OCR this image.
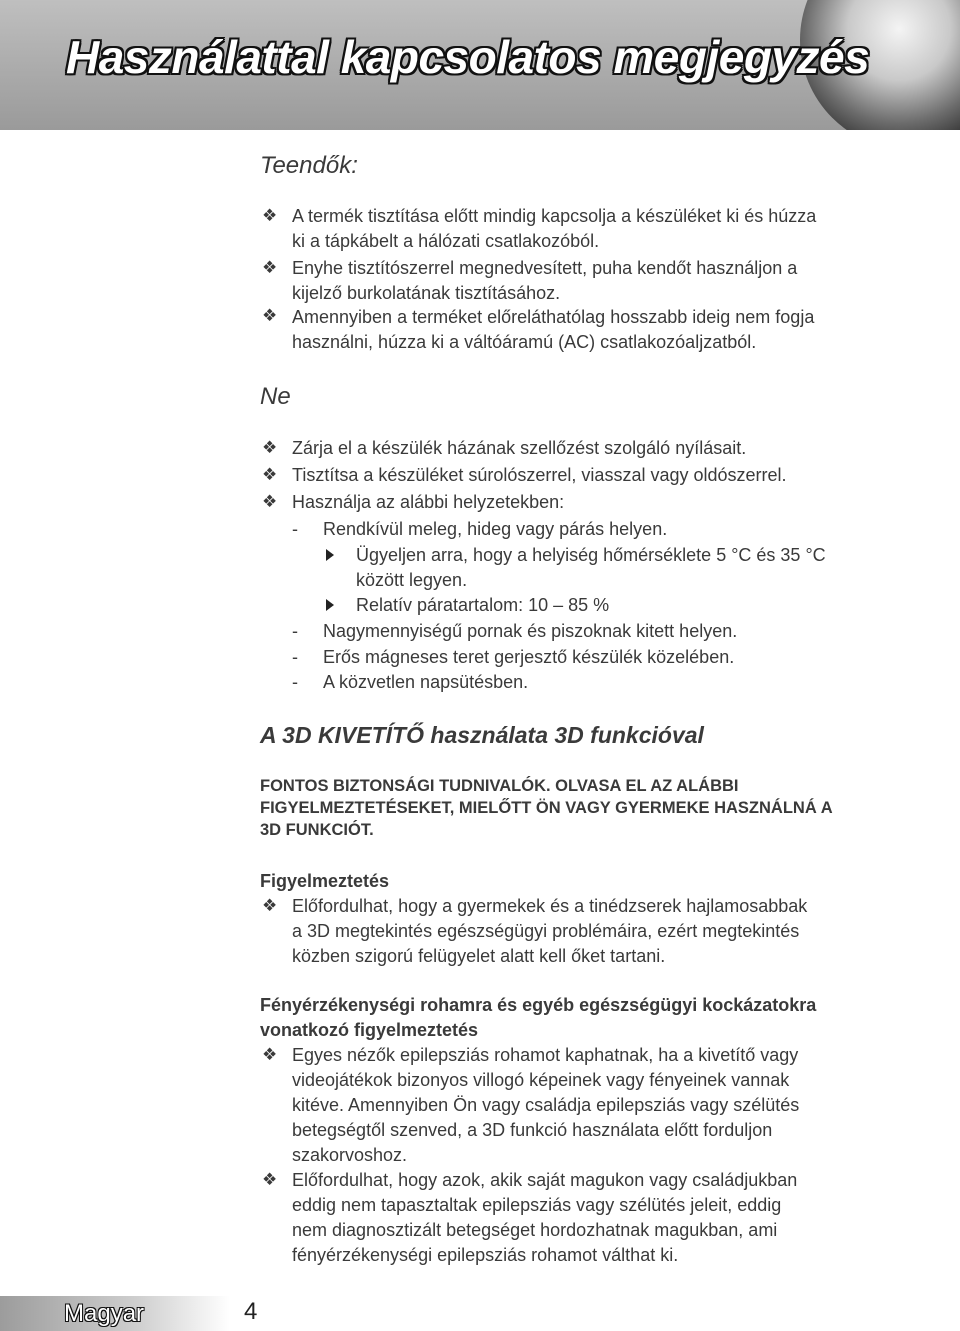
Használattal kapcsolatos megjegyzés
Teendők:
❖ A termék tisztítása előtt mindig kapcsolja a készüléket ki és húzza
ki a tápkábelt a hálózati csatlakozóból.
❖ Enyhe tisztítószerrel megnedvesített, puha kendőt használjon a
kijelző burkolatának tisztításához.
❖ Amennyiben a terméket előreláthatólag hosszabb ideig nem fogja
használni, húzza ki a váltóáramú (AC) csatlakozóaljzatból.
Ne
❖ Zárja el a készülék házának szellőzést szolgáló nyílásait.
❖ Tisztítsa a készüléket súrolószerrel, viasszal vagy oldószerrel.
❖ Használja az alábbi helyzetekben:
- Rendkívül meleg, hideg vagy párás helyen.
Ügyeljen arra, hogy a helyiség hőmérséklete 5 °C és 35 °C
között legyen.
Relatív páratartalom: 10 – 85 %
- Nagymennyiségű pornak és piszoknak kitett helyen.
- Erős mágneses teret gerjesztő készülék közelében.
- A közvetlen napsütésben.
A 3D KIVETÍTŐ használata 3D funkcióval
FONTOS BIZTONSÁGI TUDNIVALÓK. OLVASA EL AZ ALÁBBI
FIGYELMEZTETÉSEKET, MIELŐTT ÖN VAGY GYERMEKE HASZNÁLNÁ A
3D FUNKCIÓT.
Figyelmeztetés
❖ Előfordulhat, hogy a gyermekek és a tinédzserek hajlamosabbak
a 3D megtekintés egészségügyi problémáira, ezért megtekintés
közben szigorú felügyelet alatt kell őket tartani.
Fényérzékenységi rohamra és egyéb egészségügyi kockázatokra
vonatkozó figyelmeztetés
❖ Egyes nézők epilepsziás rohamot kaphatnak, ha a kivetítő vagy
videojátékok bizonyos villogó képeinek vagy fényeinek vannak
kitéve. Amennyiben Ön vagy családja epilepsziás vagy szélütés
betegségtől szenved, a 3D funkció használata előtt forduljon
szakorvoshoz.
❖ Előfordulhat, hogy azok, akik saját magukon vagy családjukban
eddig nem tapasztaltak epilepsziás vagy szélütés jeleit, eddig
nem diagnosztizált betegséget hordozhatnak magukban, ami
fényérzékenységi epilepsziás rohamot válthat ki.
Magyar	4
